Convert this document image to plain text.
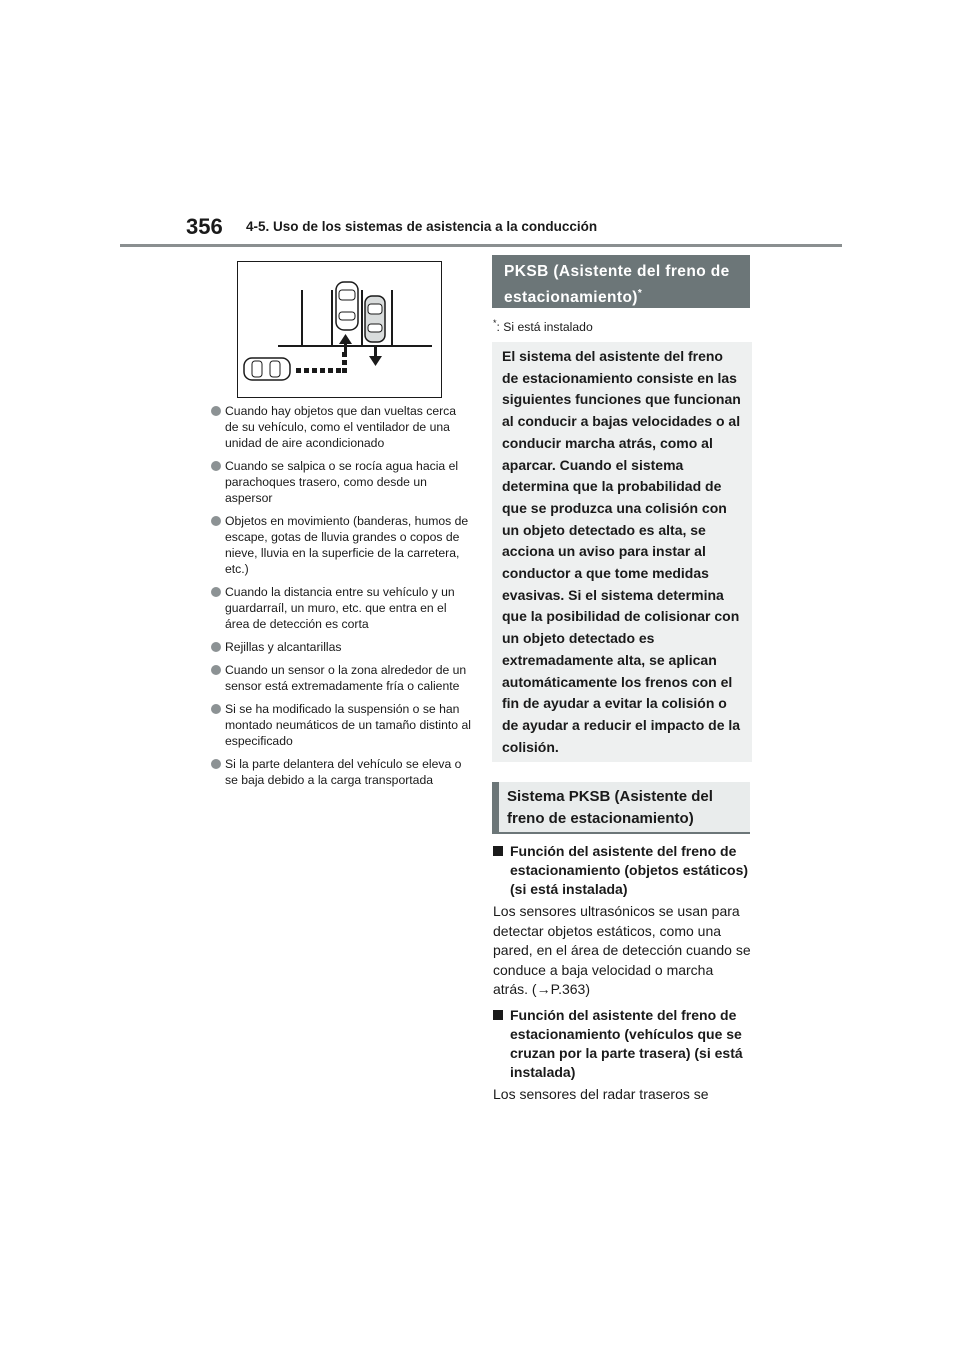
356 4-5. Uso de los sistemas de asistencia a la conducción
Cuando hay objetos que dan vueltas cerca de su vehículo, como el ventilador de una unidad de aire acondicionado
Cuando se salpica o se rocía agua hacia el parachoques trasero, como desde un aspersor
Objetos en movimiento (banderas, humos de escape, gotas de lluvia grandes o copos de nieve, lluvia en la superficie de la carretera, etc.)
Cuando la distancia entre su vehículo y un guardarraíl, un muro, etc. que entra en el área de detección es corta
Rejillas y alcantarillas
Cuando un sensor o la zona alrededor de un sensor está extremadamente fría o caliente
Si se ha modificado la suspensión o se han montado neumáticos de un tamaño distinto al especificado
Si la parte delantera del vehículo se eleva o se baja debido a la carga transportada
PKSB (Asistente del freno de estacionamiento)*
*: Si está instalado

El sistema del asistente del freno de estacionamiento consiste en las siguientes funciones que funcionan al conducir a bajas velocidades o al conducir marcha atrás, como al aparcar. Cuando el sistema determina que la probabilidad de que se produzca una colisión con un objeto detectado es alta, se acciona un aviso para instar al conductor a que tome medidas evasivas. Si el sistema determina que la posibilidad de colisionar con un objeto detectado es extremadamente alta, se aplican automáticamente los frenos con el fin de ayudar a evitar la colisión o de ayudar a reducir el impacto de la colisión.

Sistema PKSB (Asistente del freno de estacionamiento)
Función del asistente del freno de estacionamiento (objetos estáticos) (si está instalada)

Los sensores ultrasónicos se usan para detectar objetos estáticos, como una pared, en el área de detección cuando se conduce a baja velocidad o marcha atrás. (→P.363)

Función del asistente del freno de estacionamiento (vehículos que se cruzan por la parte trasera) (si está instalada)

Los sensores del radar traseros se
